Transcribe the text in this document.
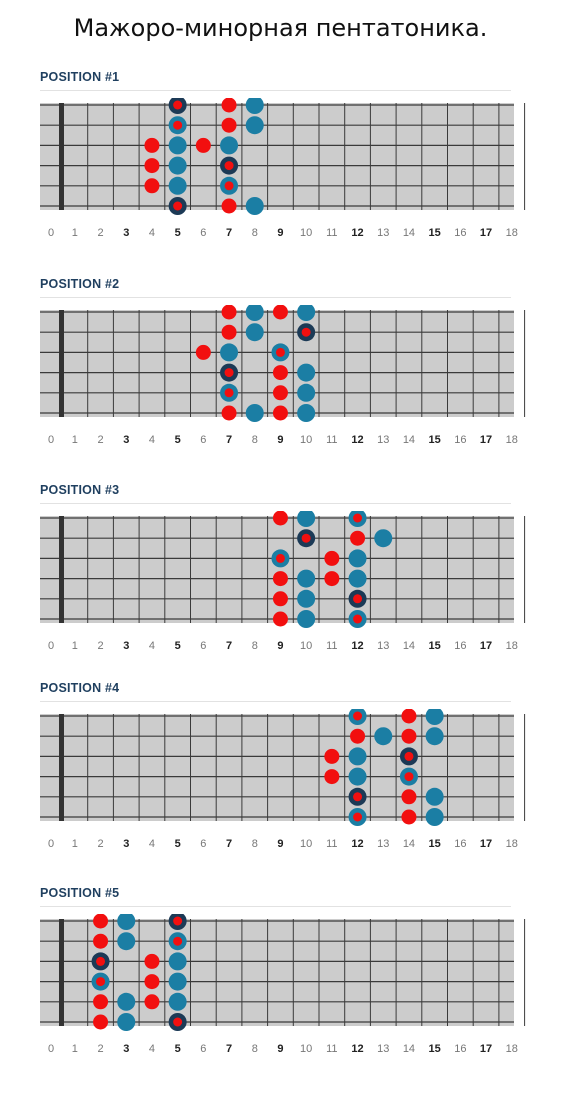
Мажоро-минорная пентатоника.
POSITION #1
0 1 2 3 4 5 6 7 8 9 10 11 12 13 14 15 16 17 18
POSITION #2
0 1 2 3 4 5 6 7 8 9 10 11 12 13 14 15 16 17 18
POSITION #3
0 1 2 3 4 5 6 7 8 9 10 11 12 13 14 15 16 17 18
POSITION #4
0 1 2 3 4 5 6 7 8 9 10 11 12 13 14 15 16 17 18
POSITION #5
0 1 2 3 4 5 6 7 8 9 10 11 12 13 14 15 16 17 18
